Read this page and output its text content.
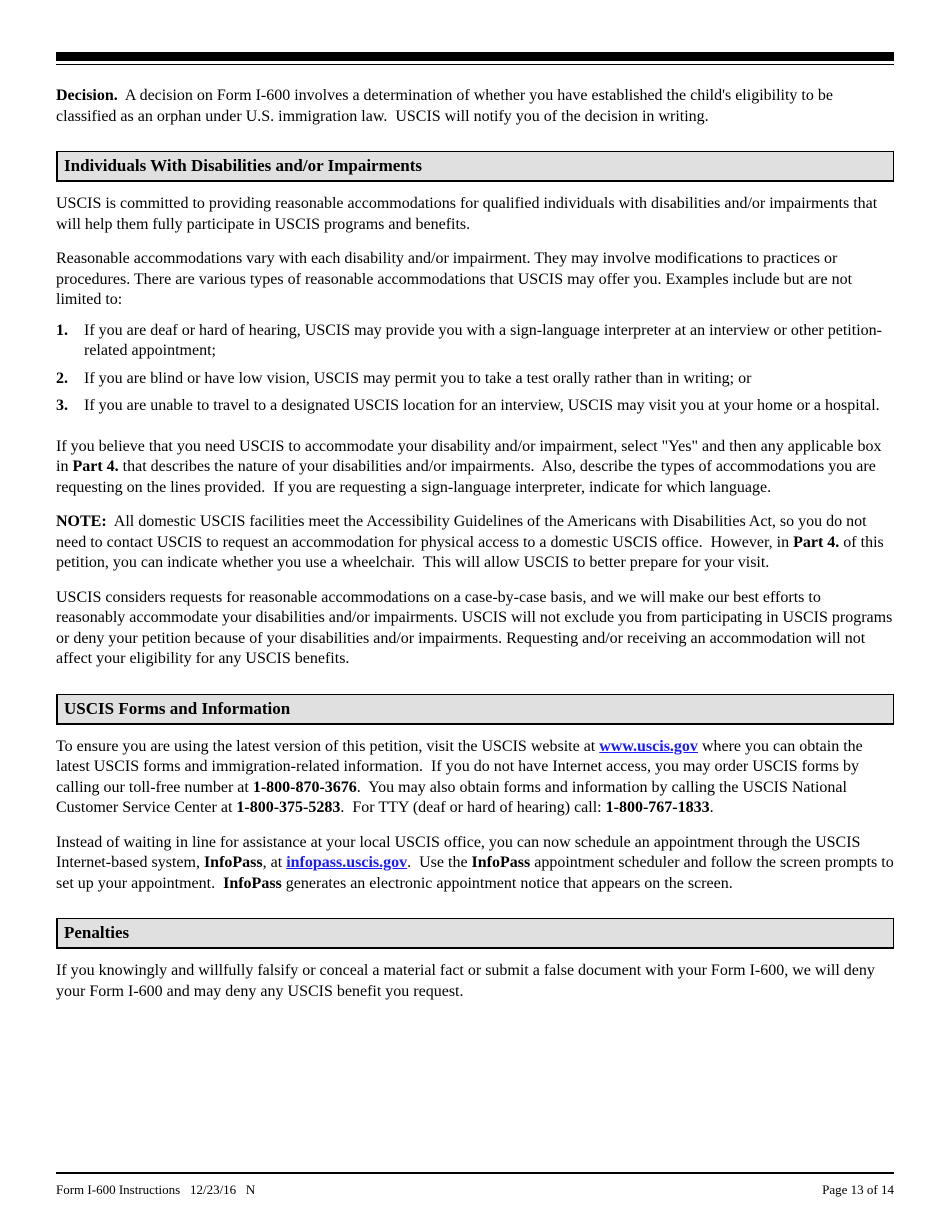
Decision.  A decision on Form I-600 involves a determination of whether you have established the child's eligibility to be classified as an orphan under U.S. immigration law.  USCIS will notify you of the decision in writing.

Individuals With Disabilities and/or Impairments

USCIS is committed to providing reasonable accommodations for qualified individuals with disabilities and/or impairments that will help them fully participate in USCIS programs and benefits.

Reasonable accommodations vary with each disability and/or impairment. They may involve modifications to practices or procedures. There are various types of reasonable accommodations that USCIS may offer you. Examples include but are not limited to:

1.	If you are deaf or hard of hearing, USCIS may provide you with a sign-language interpreter at an interview or other petition-related appointment;
2.	If you are blind or have low vision, USCIS may permit you to take a test orally rather than in writing; or
3.	If you are unable to travel to a designated USCIS location for an interview, USCIS may visit you at your home or a hospital.

If you believe that you need USCIS to accommodate your disability and/or impairment, select "Yes" and then any applicable box in Part 4. that describes the nature of your disabilities and/or impairments.  Also, describe the types of accommodations you are requesting on the lines provided.  If you are requesting a sign-language interpreter, indicate for which language.

NOTE:  All domestic USCIS facilities meet the Accessibility Guidelines of the Americans with Disabilities Act, so you do not need to contact USCIS to request an accommodation for physical access to a domestic USCIS office.  However, in Part 4. of this petition, you can indicate whether you use a wheelchair.  This will allow USCIS to better prepare for your visit.

USCIS considers requests for reasonable accommodations on a case-by-case basis, and we will make our best efforts to reasonably accommodate your disabilities and/or impairments. USCIS will not exclude you from participating in USCIS programs or deny your petition because of your disabilities and/or impairments. Requesting and/or receiving an accommodation will not affect your eligibility for any USCIS benefits.

USCIS Forms and Information

To ensure you are using the latest version of this petition, visit the USCIS website at www.uscis.gov where you can obtain the latest USCIS forms and immigration-related information.  If you do not have Internet access, you may order USCIS forms by calling our toll-free number at 1-800-870-3676.  You may also obtain forms and information by calling the USCIS National Customer Service Center at 1-800-375-5283.  For TTY (deaf or hard of hearing) call: 1-800-767-1833.

Instead of waiting in line for assistance at your local USCIS office, you can now schedule an appointment through the USCIS Internet-based system, InfoPass, at infopass.uscis.gov.  Use the InfoPass appointment scheduler and follow the screen prompts to set up your appointment.  InfoPass generates an electronic appointment notice that appears on the screen.

Penalties

If you knowingly and willfully falsify or conceal a material fact or submit a false document with your Form I-600, we will deny your Form I-600 and may deny any USCIS benefit you request.

Form I-600 Instructions   12/23/16   N	Page 13 of 14
